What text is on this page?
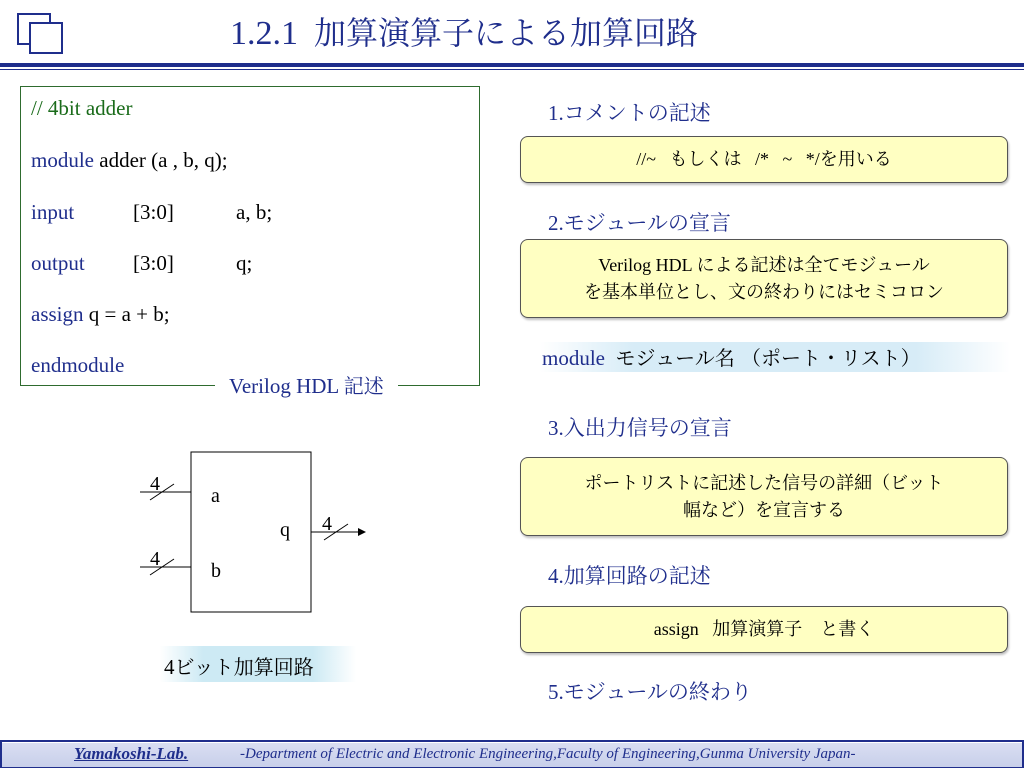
1.2.1 加算演算子による加算回路
// 4bit adder
module adder (a , b, q);
input	[3:0]	a, b;
output [3:0]	q;
assign q = a + b;
endmodule
Verilog HDL 記述
1.コメントの記述
//~
もしくは
/*   ~   */ を用いる
2.モジュールの宣言
Verilog HDL による記述は全てモジュール
を基本単位とし、文の終わりにはセミコロン
module モジュール名 （ポート・リスト）
3.入出力信号の宣言
ポートリストに記述した信号の詳細（ビット
幅など）を宣言する
4.加算回路の記述
assign
加算演算子　と書く
5.モジュールの終わり
4
4
4
a
b
q
4ビット加算回路
Yamakoshi-Lab.	-Department of Electric and Electronic Engineering,Faculty of Engineering,Gunma University Japan-
